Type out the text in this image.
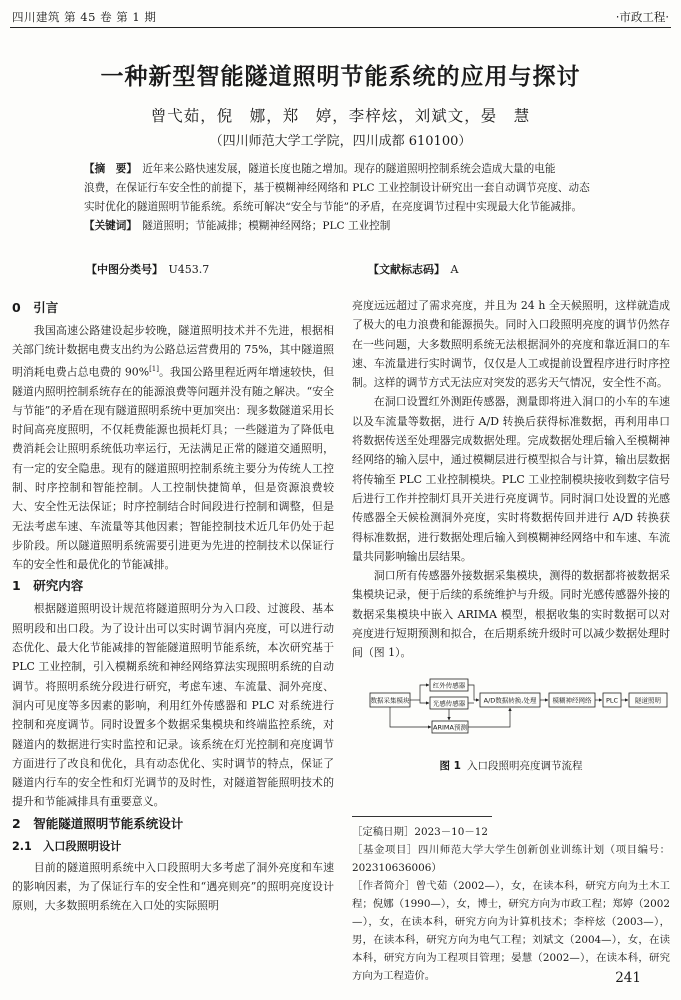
四川建筑 第 45 卷 第 1 期	·市政工程·
一种新型智能隧道照明节能系统的应用与探讨
曾弋茹，倪　娜，郑　婷，李梓炫，刘斌文，晏　慧
（四川师范大学工学院，四川成都 610100）
【摘　要】　 近年来公路快速发展，隧道长度也随之增加。现存的隧道照明控制系统会造成大量的电能
浪费，在保证行车安全性的前提下，基于模糊神经网络和 PLC 工业控制设计研究出一套自动调节亮度、动态
实时优化的隧道照明节能系统。系统可解决“安全与节能”的矛盾，在亮度调节过程中实现最大化节能减排。
【关键词】　 隧道照明；节能减排；模糊神经网络；PLC 工业控制
【中图分类号】　 U453.7	【文献标志码】　 A
0　引言

我国高速公路建设起步较晚，隧道照明技术并不先进，根据相关部门统计数据电费支出约为公路总运营费用的 75%，其中隧道照明消耗电费占总电费的 90%[1]。我国公路里程近两年增速较快，但隧道内照明控制系统存在的能源浪费等问题并没有随之解决。“安全与节能”的矛盾在现有隧道照明系统中更加突出：现多数隧道采用长时间高亮度照明，不仅耗费能源也损耗灯具；一些隧道为了降低电费消耗会让照明系统低功率运行，无法满足正常的隧道交通照明，有一定的安全隐患。现有的隧道照明控制系统主要分为传统人工控制、时序控制和智能控制。人工控制快捷简单，但是资源浪费较大、安全性无法保证；时序控制结合时间段进行控制和调整，但是无法考虑车速、车流量等其他因素；智能控制技术近几年仍处于起步阶段。所以隧道照明系统需要引进更为先进的控制技术以保证行车的安全性和最优化的节能减排。

1　研究内容

根据隧道照明设计规范将隧道照明分为入口段、过渡段、基本照明段和出口段。为了设计出可以实时调节洞内亮度，可以进行动态优化、最大化节能减排的智能隧道照明节能系统，本次研究基于 PLC 工业控制，引入模糊系统和神经网络算法实现照明系统的自动调节。将照明系统分段进行研究，考虑车速、车流量、洞外亮度、洞内可见度等多因素的影响，利用红外传感器和 PLC 对系统进行控制和亮度调节。同时设置多个数据采集模块和终端监控系统，对隧道内的数据进行实时监控和记录。该系统在灯光控制和亮度调节方面进行了改良和优化，具有动态优化、实时调节的特点，保证了隧道内行车的安全性和灯光调节的及时性，对隧道智能照明技术的提升和节能减排具有重要意义。

2　智能隧道照明节能系统设计
2.1　入口段照明设计

目前的隧道照明系统中入口段照明大多考虑了洞外亮度和车速的影响因素，为了保证行车的安全性和“遇亮则亮”的照明亮度设计原则，大多数照明系统在入口处的实际照明

亮度远远超过了需求亮度，并且为 24 h 全天候照明，这样就造成了极大的电力浪费和能源损失。同时入口段照明亮度的调节仍然存在一些问题，大多数照明系统无法根据洞外的亮度和靠近洞口的车速、车流量进行实时调节，仅仅是人工或提前设置程序进行时序控制。这样的调节方式无法应对突发的恶劣天气情况，安全性不高。

在洞口设置红外测距传感器，测量即将进入洞口的小车的车速以及车流量等数据，进行 A/D 转换后获得标准数据，再利用串口将数据传送至处理器完成数据处理。完成数据处理后输入至模糊神经网络的输入层中，通过模糊层进行模型拟合与计算，输出层数据将传输至 PLC 工业控制模块。PLC 工业控制模块接收到数字信号后进行工作并控制灯具开关进行亮度调节。同时洞口处设置的光感传感器全天候检测洞外亮度，实时将数据传回并进行 A/D 转换获得标准数据，进行数据处理后输入到模糊神经网络中和车速、车流量共同影响输出层结果。

洞口所有传感器外接数据采集模块，测得的数据都将被数据采集模块记录，便于后续的系统维护与升级。同时光感传感器外接的数据采集模块中嵌入 ARIMA 模型，根据收集的实时数据可以对亮度进行短期预测和拟合，在后期系统升级时可以减少数据处理时间（图 1）。

数据采集模块
红外传感器
光感传感器	A/D数据转换,处理 模糊神经网络 PLC	隧道照明
ARIMA预测
图 1 入口段照明亮度调节流程
［定稿日期］2023－10－12
［基金项目］四川师范大学大学生创新创业训练计划（项目编号：202310636006）
［作者简介］曾弋茹（2002—），女，在读本科，研究方向为土木工程；倪娜（1990—），女，博士，研究方向为市政工程；郑婷（2002—），女，在读本科，研究方向为计算机技术；李梓炫（2003—），男，在读本科，研究方向为电气工程；刘斌文（2004—），女，在读本科，研究方向为工程项目管理；晏慧（2002—），在读本科，研究方向为工程造价。	241
